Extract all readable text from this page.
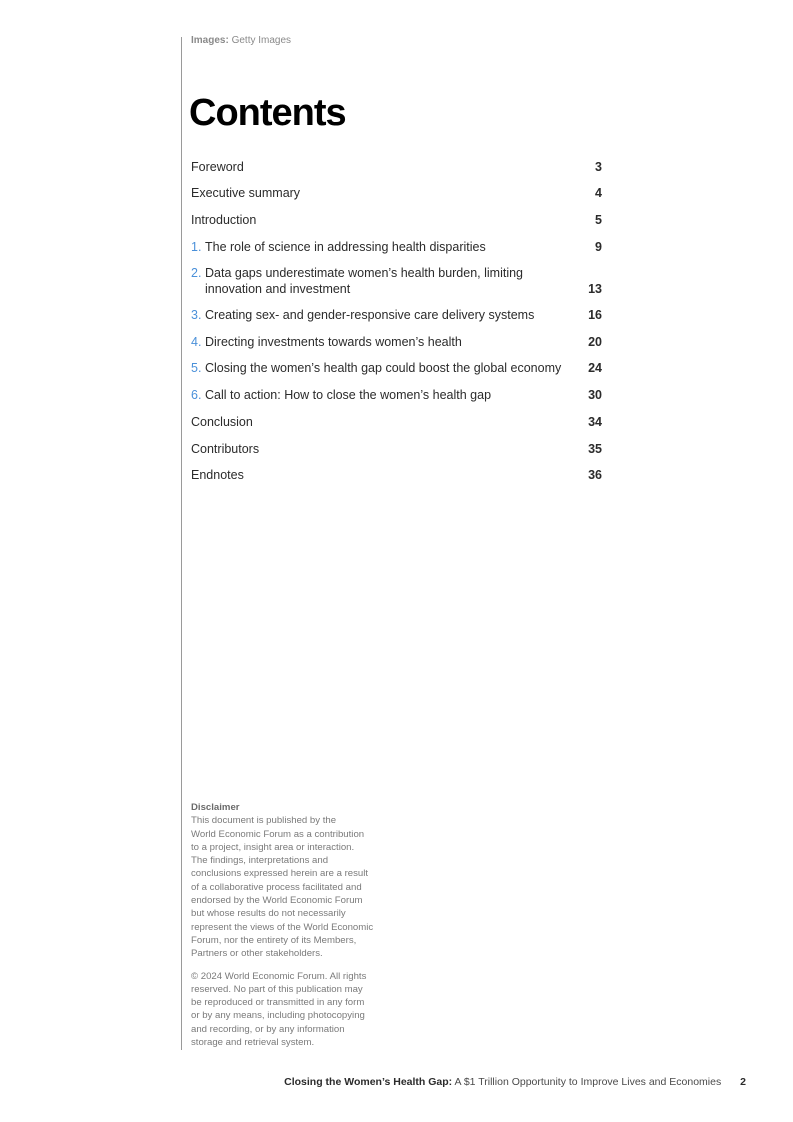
Images: Getty Images
Contents
Foreword	3
Executive summary	4
Introduction	5
1. The role of science in addressing health disparities	9
2. Data gaps underestimate women’s health burden, limiting
innovation and investment	13
3. Creating sex- and gender-responsive care delivery systems	16
4. Directing investments towards women’s health	20
5. Closing the women’s health gap could boost the global economy	24
6. Call to action: How to close the women’s health gap	30
Conclusion	34
Contributors	35
Endnotes	36
Disclaimer

This document is published by the

World Economic Forum as a contribution

to a project, insight area or interaction.

The findings, interpretations and

conclusions expressed herein are a result

of a collaborative process facilitated and

endorsed by the World Economic Forum

but whose results do not necessarily

represent the views of the World Economic

Forum, nor the entirety of its Members,

Partners or other stakeholders.

© 2024 World Economic Forum. All rights

reserved. No part of this publication may

be reproduced or transmitted in any form

or by any means, including photocopying

and recording, or by any information

storage and retrieval system.

Closing the Women’s Health Gap: A $1 Trillion Opportunity to Improve Lives and Economies 2
